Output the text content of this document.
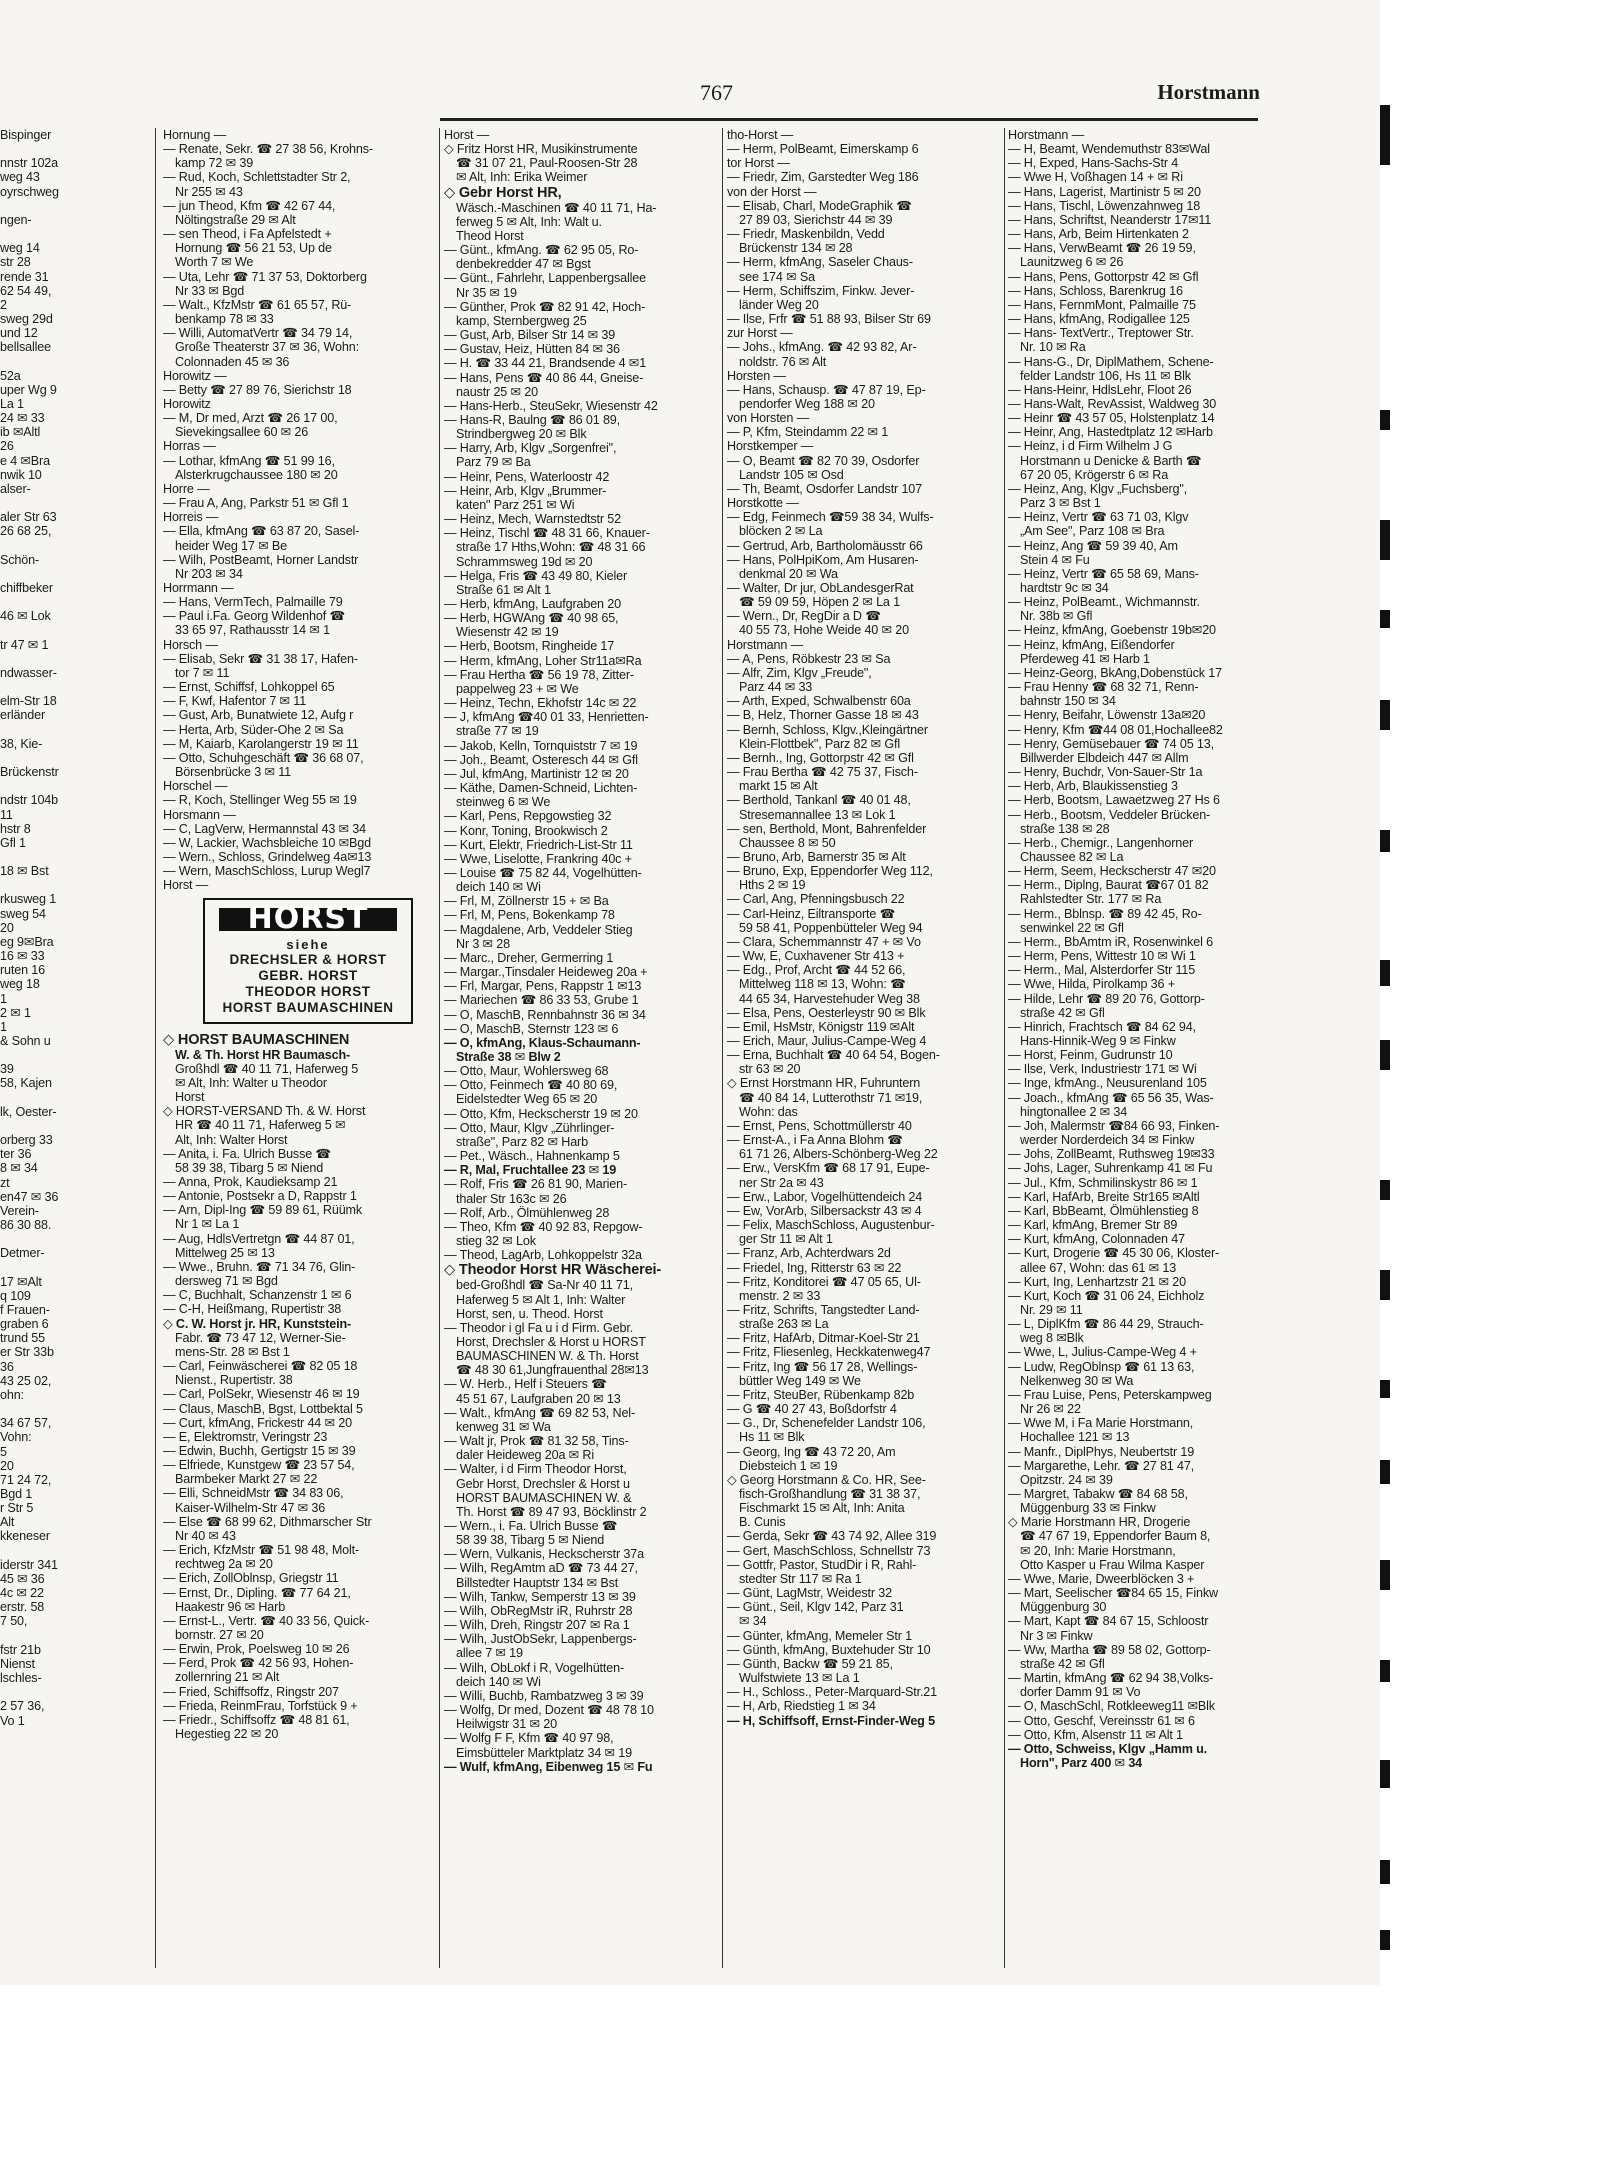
767	Horstmann
Bispinger

nnstr 102a
weg 43
oyrschweg

ngen-

weg 14
str 28
rende 31
62 54 49,
2
sweg 29d
und 12
bellsallee

52a
uper Wg 9
La 1
24 ✉ 33
ib ✉Altl
26
e 4 ✉Bra
nwik 10
alser-

aler Str 63
26 68 25,

Schön-

chiffbeker

46 ✉ Lok

tr 47 ✉ 1

ndwasser-

elm-Str 18
erländer

38, Kie-

Brückenstr

ndstr 104b
11
hstr 8
Gfl 1

18 ✉ Bst

rkusweg 1
sweg 54
20
eg 9✉Bra
16 ✉ 33
ruten 16
weg 18
1
2 ✉ 1
1
& Sohn u

39
58, Kajen

lk, Oester-

orberg 33
ter 36
8 ✉ 34
zt
en47 ✉ 36
Verein-
86 30 88.

Detmer-

17 ✉Alt
q 109
f Frauen-
graben 6
trund 55
er Str 33b
36
43 25 02,
ohn:

34 67 57,
Vohn:
5
20
71 24 72,
Bgd 1
r Str 5
Alt
kkeneser

iderstr 341
45 ✉ 36
4c ✉ 22
erstr. 58
7 50,

fstr 21b
Nienst
lschles-

2 57 36,
Vo 1
Hornung —
— Renate, Sekr. ☎ 27 38 56, Krohns-
kamp 72 ✉ 39
— Rud, Koch, Schlettstadter Str 2,
Nr 255 ✉ 43
— jun Theod, Kfm ☎ 42 67 44,
Nöltingstraße 29 ✉ Alt
— sen Theod, i Fa Apfelstedt +
Hornung ☎ 56 21 53, Up de
Worth 7 ✉ We
— Uta, Lehr ☎ 71 37 53, Doktorberg
Nr 33 ✉ Bgd
— Walt., KfzMstr ☎ 61 65 57, Rü-
benkamp 78 ✉ 33
— Willi, AutomatVertr ☎ 34 79 14,
Große Theaterstr 37 ✉ 36, Wohn:
Colonnaden 45 ✉ 36
Horowitz —
— Betty ☎ 27 89 76, Sierichstr 18
Horowitz
— M, Dr med, Arzt ☎ 26 17 00,
Sievekingsallee 60 ✉ 26
Horras —
— Lothar, kfmAng ☎ 51 99 16,
Alsterkrugchaussee 180 ✉ 20
Horre —
— Frau A, Ang, Parkstr 51 ✉ Gfl 1
Horreis —
— Ella, kfmAng ☎ 63 87 20, Sasel-
heider Weg 17 ✉ Be
— Wilh, PostBeamt, Horner Landstr
Nr 203 ✉ 34
Horrmann —
— Hans, VermTech, Palmaille 79
— Paul i.Fa. Georg Wildenhof ☎
33 65 97, Rathausstr 14 ✉ 1
Horsch —
— Elisab, Sekr ☎ 31 38 17, Hafen-
tor 7 ✉ 11
— Ernst, Schiffsf, Lohkoppel 65
— F, Kwf, Hafentor 7 ✉ 11
— Gust, Arb, Bunatwiete 12, Aufg r
— Herta, Arb, Süder-Ohe 2 ✉ Sa
— M, Kaiarb, Karolangerstr 19 ✉ 11
— Otto, Schuhgeschäft ☎ 36 68 07,
Börsenbrücke 3 ✉ 11
Horschel —
— R, Koch, Stellinger Weg 55 ✉ 19
Horsmann —
— C, LagVerw, Hermannstal 43 ✉ 34
— W, Lackier, Wachsbleiche 10 ✉Bgd
— Wern., Schloss, Grindelweg 4a✉13
— Wern, MaschSchloss, Lurup Wegl7
Horst —
HORST
siehe
DRECHSLER & HORST
GEBR. HORST
THEODOR HORST
HORST BAUMASCHINEN
◇ HORST BAUMASCHINEN
W. & Th. Horst HR Baumasch-
Großhdl ☎ 40 11 71, Haferweg 5
✉ Alt, Inh: Walter u Theodor
Horst
◇ HORST-VERSAND Th. & W. Horst
HR ☎ 40 11 71, Haferweg 5 ✉
Alt, Inh: Walter Horst
— Anita, i. Fa. Ulrich Busse ☎
58 39 38, Tibarg 5 ✉ Niend
— Anna, Prok, Kaudieksamp 21
— Antonie, Postsekr a D, Rappstr 1
— Arn, Dipl-Ing ☎ 59 89 61, Rüümk
Nr 1 ✉ La 1
— Aug, HdlsVertretgn ☎ 44 87 01,
Mittelweg 25 ✉ 13
— Wwe., Bruhn. ☎ 71 34 76, Glin-
dersweg 71 ✉ Bgd
— C, Buchhalt, Schanzenstr 1 ✉ 6
— C-H, Heißmang, Rupertistr 38
◇ C. W. Horst jr. HR, Kunststein-
Fabr. ☎ 73 47 12, Werner-Sie-
mens-Str. 28 ✉ Bst 1
— Carl, Feinwäscherei ☎ 82 05 18
Nienst., Rupertistr. 38
— Carl, PolSekr, Wiesenstr 46 ✉ 19
— Claus, MaschB, Bgst, Lottbektal 5
— Curt, kfmAng, Frickestr 44 ✉ 20
— E, Elektromstr, Veringstr 23
— Edwin, Buchh, Gertigstr 15 ✉ 39
— Elfriede, Kunstgew ☎ 23 57 54,
Barmbeker Markt 27 ✉ 22
— Elli, SchneidMstr ☎ 34 83 06,
Kaiser-Wilhelm-Str 47 ✉ 36
— Else ☎ 68 99 62, Dithmarscher Str
Nr 40 ✉ 43
— Erich, KfzMstr ☎ 51 98 48, Molt-
rechtweg 2a ✉ 20
— Erich, ZollOblnsp, Griegstr 11
— Ernst, Dr., Dipling. ☎ 77 64 21,
Haakestr 96 ✉ Harb
— Ernst-L., Vertr. ☎ 40 33 56, Quick-
bornstr. 27 ✉ 20
— Erwin, Prok, Poelsweg 10 ✉ 26
— Ferd, Prok ☎ 42 56 93, Hohen-
zollernring 21 ✉ Alt
— Fried, Schiffsoffz, Ringstr 207
— Frieda, ReinmFrau, Torfstück 9 +
— Friedr., Schiffsoffz ☎ 48 81 61,
Hegestieg 22 ✉ 20
Horst —
◇ Fritz Horst HR, Musikinstrumente
☎ 31 07 21, Paul-Roosen-Str 28
✉ Alt, Inh: Erika Weimer
◇ Gebr Horst HR,
Wäsch.-Maschinen ☎ 40 11 71, Ha-
ferweg 5 ✉ Alt, Inh: Walt u.
Theod Horst
— Günt., kfmAng. ☎ 62 95 05, Ro-
denbekredder 47 ✉ Bgst
— Günt., Fahrlehr, Lappenbergsallee
Nr 35 ✉ 19
— Günther, Prok ☎ 82 91 42, Hoch-
kamp, Sternbergweg 25
— Gust, Arb, Bilser Str 14 ✉ 39
— Gustav, Heiz, Hütten 84 ✉ 36
— H. ☎ 33 44 21, Brandsende 4 ✉1
— Hans, Pens ☎ 40 86 44, Gneise-
naustr 25 ✉ 20
— Hans-Herb., SteuSekr, Wiesenstr 42
— Hans-R, Baulng ☎ 86 01 89,
Strindbergweg 20 ✉ Blk
— Harry, Arb, Klgv „Sorgenfrei",
Parz 79 ✉ Ba
— Heinr, Pens, Waterloostr 42
— Heinr, Arb, Klgv „Brummer-
katen" Parz 251 ✉ Wi
— Heinz, Mech, Warnstedtstr 52
— Heinz, Tischl ☎ 48 31 66, Knauer-
straße 17 Hths,Wohn: ☎ 48 31 66
Schrammsweg 19d ✉ 20
— Helga, Fris ☎ 43 49 80, Kieler
Straße 61 ✉ Alt 1
— Herb, kfmAng, Laufgraben 20
— Herb, HGWAng ☎ 40 98 65,
Wiesenstr 42 ✉ 19
— Herb, Bootsm, Ringheide 17
— Herm, kfmAng, Loher Str11a✉Ra
— Frau Hertha ☎ 56 19 78, Zitter-
pappelweg 23 + ✉ We
— Heinz, Techn, Ekhofstr 14c ✉ 22
— J, kfmAng ☎40 01 33, Henrietten-
straße 77 ✉ 19
— Jakob, Kelln, Tornquiststr 7 ✉ 19
— Joh., Beamt, Osteresch 44 ✉ Gfl
— Jul, kfmAng, Martinistr 12 ✉ 20
— Käthe, Damen-Schneid, Lichten-
steinweg 6 ✉ We
— Karl, Pens, Repgowstieg 32
— Konr, Toning, Brookwisch 2
— Kurt, Elektr, Friedrich-List-Str 11
— Wwe, Liselotte, Frankring 40c +
— Louise ☎ 75 82 44, Vogelhütten-
deich 140 ✉ Wi
— Frl, M, Zöllnerstr 15 + ✉ Ba
— Frl, M, Pens, Bokenkamp 78
— Magdalene, Arb, Veddeler Stieg
Nr 3 ✉ 28
— Marc., Dreher, Germerring 1
— Margar.,Tinsdaler Heideweg 20a +
— Frl, Margar, Pens, Rappstr 1 ✉13
— Mariechen ☎ 86 33 53, Grube 1
— O, MaschB, Rennbahnstr 36 ✉ 34
— O, MaschB, Sternstr 123 ✉ 6
— O, kfmAng, Klaus-Schaumann-
Straße 38 ✉ Blw 2
— Otto, Maur, Wohlersweg 68
— Otto, Feinmech ☎ 40 80 69,
Eidelstedter Weg 65 ✉ 20
— Otto, Kfm, Heckscherstr 19 ✉ 20
— Otto, Maur, Klgv „Zührlinger-
straße", Parz 82 ✉ Harb
— Pet., Wäsch., Hahnenkamp 5
— R, Mal, Fruchtallee 23 ✉ 19
— Rolf, Fris ☎ 26 81 90, Marien-
thaler Str 163c ✉ 26
— Rolf, Arb., Ölmühlenweg 28
— Theo, Kfm ☎ 40 92 83, Repgow-
stieg 32 ✉ Lok
— Theod, LagArb, Lohkoppelstr 32a
◇ Theodor Horst HR Wäscherei-
bed-Großhdl ☎ Sa-Nr 40 11 71,
Haferweg 5 ✉ Alt 1, Inh: Walter
Horst, sen, u. Theod. Horst
— Theodor i gl Fa u i d Firm. Gebr.
Horst, Drechsler & Horst u HORST
BAUMASCHINEN W. & Th. Horst
☎ 48 30 61,Jungfrauenthal 28✉13
— W. Herb., Helf i Steuers ☎
45 51 67, Laufgraben 20 ✉ 13
— Walt., kfmAng ☎ 69 82 53, Nel-
kenweg 31 ✉ Wa
— Walt jr, Prok ☎ 81 32 58, Tins-
daler Heideweg 20a ✉ Ri
— Walter, i d Firm Theodor Horst,
Gebr Horst, Drechsler & Horst u
HORST BAUMASCHINEN W. &
Th. Horst ☎ 89 47 93, Böcklinstr 2
— Wern., i. Fa. Ulrich Busse ☎
58 39 38, Tibarg 5 ✉ Niend
— Wern, Vulkanis, Heckscherstr 37a
— Wilh, RegAmtm aD ☎ 73 44 27,
Billstedter Hauptstr 134 ✉ Bst
— Wilh, Tankw, Semperstr 13 ✉ 39
— Wilh, ObRegMstr iR, Ruhrstr 28
— Wilh, Dreh, Ringstr 207 ✉ Ra 1
— Wilh, JustObSekr, Lappenbergs-
allee 7 ✉ 19
— Wilh, ObLokf i R, Vogelhütten-
deich 140 ✉ Wi
— Willi, Buchb, Rambatzweg 3 ✉ 39
— Wolfg, Dr med, Dozent ☎ 48 78 10
Heilwigstr 31 ✉ 20
— Wolfg F F, Kfm ☎ 40 97 98,
Eimsbütteler Marktplatz 34 ✉ 19
— Wulf, kfmAng, Eibenweg 15 ✉ Fu
tho-Horst —
— Herm, PolBeamt, Eimerskamp 6
tor Horst —
— Friedr, Zim, Garstedter Weg 186
von der Horst —
— Elisab, Charl, ModeGraphik ☎
27 89 03, Sierichstr 44 ✉ 39
— Friedr, Maskenbildn, Vedd
Brückenstr 134 ✉ 28
— Herm, kfmAng, Saseler Chaus-
see 174 ✉ Sa
— Herm, Schiffszim, Finkw. Jever-
länder Weg 20
— Ilse, Frfr ☎ 51 88 93, Bilser Str 69
zur Horst —
— Johs., kfmAng. ☎ 42 93 82, Ar-
noldstr. 76 ✉ Alt
Horsten —
— Hans, Schausp. ☎ 47 87 19, Ep-
pendorfer Weg 188 ✉ 20
von Horsten —
— P, Kfm, Steindamm 22 ✉ 1
Horstkemper —
— O, Beamt ☎ 82 70 39, Osdorfer
Landstr 105 ✉ Osd
— Th, Beamt, Osdorfer Landstr 107
Horstkotte —
— Edg, Feinmech ☎59 38 34, Wulfs-
blöcken 2 ✉ La
— Gertrud, Arb, Bartholomäusstr 66
— Hans, PolHpiKom, Am Husaren-
denkmal 20 ✉ Wa
— Walter, Dr jur, ObLandesgerRat
☎ 59 09 59, Höpen 2 ✉ La 1
— Wern., Dr, RegDir a D ☎
40 55 73, Hohe Weide 40 ✉ 20
Horstmann —
— A, Pens, Röbkestr 23 ✉ Sa
— Alfr, Zim, Klgv „Freude",
Parz 44 ✉ 33
— Arth, Exped, Schwalbenstr 60a
— B, Helz, Thorner Gasse 18 ✉ 43
— Bernh, Schloss, Klgv.,Kleingärtner
Klein-Flottbek", Parz 82 ✉ Gfl
— Bernh., Ing, Gottorpstr 42 ✉ Gfl
— Frau Bertha ☎ 42 75 37, Fisch-
markt 15 ✉ Alt
— Berthold, Tankanl ☎ 40 01 48,
Stresemannallee 13 ✉ Lok 1
— sen, Berthold, Mont, Bahrenfelder
Chaussee 8 ✉ 50
— Bruno, Arb, Barnerstr 35 ✉ Alt
— Bruno, Exp, Eppendorfer Weg 112,
Hths 2 ✉ 19
— Carl, Ang, Pfenningsbusch 22
— Carl-Heinz, Eiltransporte ☎
59 58 41, Poppenbütteler Weg 94
— Clara, Schemmannstr 47 + ✉ Vo
— Ww, E, Cuxhavener Str 413 +
— Edg., Prof, Archt ☎ 44 52 66,
Mittelweg 118 ✉ 13, Wohn: ☎
44 65 34, Harvestehuder Weg 38
— Elsa, Pens, Oesterleystr 90 ✉ Blk
— Emil, HsMstr, Königstr 119 ✉Alt
— Erich, Maur, Julius-Campe-Weg 4
— Erna, Buchhalt ☎ 40 64 54, Bogen-
str 63 ✉ 20
◇ Ernst Horstmann HR, Fuhruntern
☎ 40 84 14, Lutterothstr 71 ✉19,
Wohn: das
— Ernst, Pens, Schottmüllerstr 40
— Ernst-A., i Fa Anna Blohm ☎
61 71 26, Albers-Schönberg-Weg 22
— Erw., VersKfm ☎ 68 17 91, Eupe-
ner Str 2a ✉ 43
— Erw., Labor, Vogelhüttendeich 24
— Ew, VorArb, Silbersackstr 43 ✉ 4
— Felix, MaschSchloss, Augustenbur-
ger Str 11 ✉ Alt 1
— Franz, Arb, Achterdwars 2d
— Friedel, Ing, Ritterstr 63 ✉ 22
— Fritz, Konditorei ☎ 47 05 65, Ul-
menstr. 2 ✉ 33
— Fritz, Schrifts, Tangstedter Land-
straße 263 ✉ La
— Fritz, HafArb, Ditmar-Koel-Str 21
— Fritz, Fliesenleg, Heckkatenweg47
— Fritz, Ing ☎ 56 17 28, Wellings-
büttler Weg 149 ✉ We
— Fritz, SteuBer, Rübenkamp 82b
— G ☎ 40 27 43, Boßdorfstr 4
— G., Dr, Schenefelder Landstr 106,
Hs 11 ✉ Blk
— Georg, Ing ☎ 43 72 20, Am
Diebsteich 1 ✉ 19
◇ Georg Horstmann & Co. HR, See-
fisch-Großhandlung ☎ 31 38 37,
Fischmarkt 15 ✉ Alt, Inh: Anita
B. Cunis
— Gerda, Sekr ☎ 43 74 92, Allee 319
— Gert, MaschSchloss, Schnellstr 73
— Gottfr, Pastor, StudDir i R, Rahl-
stedter Str 117 ✉ Ra 1
— Günt, LagMstr, Weidestr 32
— Günt., Seil, Klgv 142, Parz 31
✉ 34
— Günter, kfmAng, Memeler Str 1
— Günth, kfmAng, Buxtehuder Str 10
— Günth, Backw ☎ 59 21 85,
Wulfstwiete 13 ✉ La 1
— H., Schloss., Peter-Marquard-Str.21
— H, Arb, Riedstieg 1 ✉ 34
— H, Schiffsoff, Ernst-Finder-Weg 5
Horstmann —
— H, Beamt, Wendemuthstr 83✉Wal
— H, Exped, Hans-Sachs-Str 4
— Wwe H, Voßhagen 14 + ✉ Ri
— Hans, Lagerist, Martinistr 5 ✉ 20
— Hans, Tischl, Löwenzahnweg 18
— Hans, Schriftst, Neanderstr 17✉11
— Hans, Arb, Beim Hirtenkaten 2
— Hans, VerwBeamt ☎ 26 19 59,
Launitzweg 6 ✉ 26
— Hans, Pens, Gottorpstr 42 ✉ Gfl
— Hans, Schloss, Barenkrug 16
— Hans, FernmMont, Palmaille 75
— Hans, kfmAng, Rodigallee 125
— Hans- TextVertr., Treptower Str.
Nr. 10 ✉ Ra
— Hans-G., Dr, DiplMathem, Schene-
felder Landstr 106, Hs 11 ✉ Blk
— Hans-Heinr, HdlsLehr, Floot 26
— Hans-Walt, RevAssist, Waldweg 30
— Heinr ☎ 43 57 05, Holstenplatz 14
— Heinr, Ang, Hastedtplatz 12 ✉Harb
— Heinz, i d Firm Wilhelm J G
Horstmann u Denicke & Barth ☎
67 20 05, Krögerstr 6 ✉ Ra
— Heinz, Ang, Klgv „Fuchsberg",
Parz 3 ✉ Bst 1
— Heinz, Vertr ☎ 63 71 03, Klgv
„Am See", Parz 108 ✉ Bra
— Heinz, Ang ☎ 59 39 40, Am
Stein 4 ✉ Fu
— Heinz, Vertr ☎ 65 58 69, Mans-
hardtstr 9c ✉ 34
— Heinz, PolBeamt., Wichmannstr.
Nr. 38b ✉ Gfl
— Heinz, kfmAng, Goebenstr 19b✉20
— Heinz, kfmAng, Eißendorfer
Pferdeweg 41 ✉ Harb 1
— Heinz-Georg, BkAng,Dobenstück 17
— Frau Henny ☎ 68 32 71, Renn-
bahnstr 150 ✉ 34
— Henry, Beifahr, Löwenstr 13a✉20
— Henry, Kfm ☎44 08 01,Hochallee82
— Henry, Gemüsebauer ☎ 74 05 13,
Billwerder Elbdeich 447 ✉ Allm
— Henry, Buchdr, Von-Sauer-Str 1a
— Herb, Arb, Blaukissenstieg 3
— Herb, Bootsm, Lawaetzweg 27 Hs 6
— Herb., Bootsm, Veddeler Brücken-
straße 138 ✉ 28
— Herb., Chemigr., Langenhorner
Chaussee 82 ✉ La
— Herm, Seem, Heckscherstr 47 ✉20
— Herm., Diplng, Baurat ☎67 01 82
Rahlstedter Str. 177 ✉ Ra
— Herm., Bblnsp. ☎ 89 42 45, Ro-
senwinkel 22 ✉ Gfl
— Herm., BbAmtm iR, Rosenwinkel 6
— Herm, Pens, Wittestr 10 ✉ Wi 1
— Herm., Mal, Alsterdorfer Str 115
— Wwe, Hilda, Pirolkamp 36 +
— Hilde, Lehr ☎ 89 20 76, Gottorp-
straße 42 ✉ Gfl
— Hinrich, Frachtsch ☎ 84 62 94,
Hans-Hinnik-Weg 9 ✉ Finkw
— Horst, Feinm, Gudrunstr 10
— Ilse, Verk, Industriestr 171 ✉ Wi
— Inge, kfmAng., Neusurenland 105
— Joach., kfmAng ☎ 65 56 35, Was-
hingtonallee 2 ✉ 34
— Joh, Malermstr ☎84 66 93, Finken-
werder Norderdeich 34 ✉ Finkw
— Johs, ZollBeamt, Ruthsweg 19✉33
— Johs, Lager, Suhrenkamp 41 ✉ Fu
— Jul., Kfm, Schmilinskystr 86 ✉ 1
— Karl, HafArb, Breite Str165 ✉Altl
— Karl, BbBeamt, Ölmühlenstieg 8
— Karl, kfmAng, Bremer Str 89
— Kurt, kfmAng, Colonnaden 47
— Kurt, Drogerie ☎ 45 30 06, Kloster-
allee 67, Wohn: das 61 ✉ 13
— Kurt, Ing, Lenhartzstr 21 ✉ 20
— Kurt, Koch ☎ 31 06 24, Eichholz
Nr. 29 ✉ 11
— L, DiplKfm ☎ 86 44 29, Strauch-
weg 8 ✉Blk
— Wwe, L, Julius-Campe-Weg 4 +
— Ludw, RegOblnsp ☎ 61 13 63,
Nelkenweg 30 ✉ Wa
— Frau Luise, Pens, Peterskampweg
Nr 26 ✉ 22
— Wwe M, i Fa Marie Horstmann,
Hochallee 121 ✉ 13
— Manfr., DiplPhys, Neubertstr 19
— Margarethe, Lehr. ☎ 27 81 47,
Opitzstr. 24 ✉ 39
— Margret, Tabakw ☎ 84 68 58,
Müggenburg 33 ✉ Finkw
◇ Marie Horstmann HR, Drogerie
☎ 47 67 19, Eppendorfer Baum 8,
✉ 20, Inh: Marie Horstmann,
Otto Kasper u Frau Wilma Kasper
— Wwe, Marie, Dweerblöcken 3 +
— Mart, Seelischer ☎84 65 15, Finkw
Müggenburg 30
— Mart, Kapt ☎ 84 67 15, Schloostr
Nr 3 ✉ Finkw
— Ww, Martha ☎ 89 58 02, Gottorp-
straße 42 ✉ Gfl
— Martin, kfmAng ☎ 62 94 38,Volks-
dorfer Damm 91 ✉ Vo
— O, MaschSchl, Rotkleeweg11 ✉Blk
— Otto, Geschf, Vereinsstr 61 ✉ 6
— Otto, Kfm, Alsenstr 11 ✉ Alt 1
— Otto, Schweiss, Klgv „Hamm u.
Horn", Parz 400 ✉ 34
